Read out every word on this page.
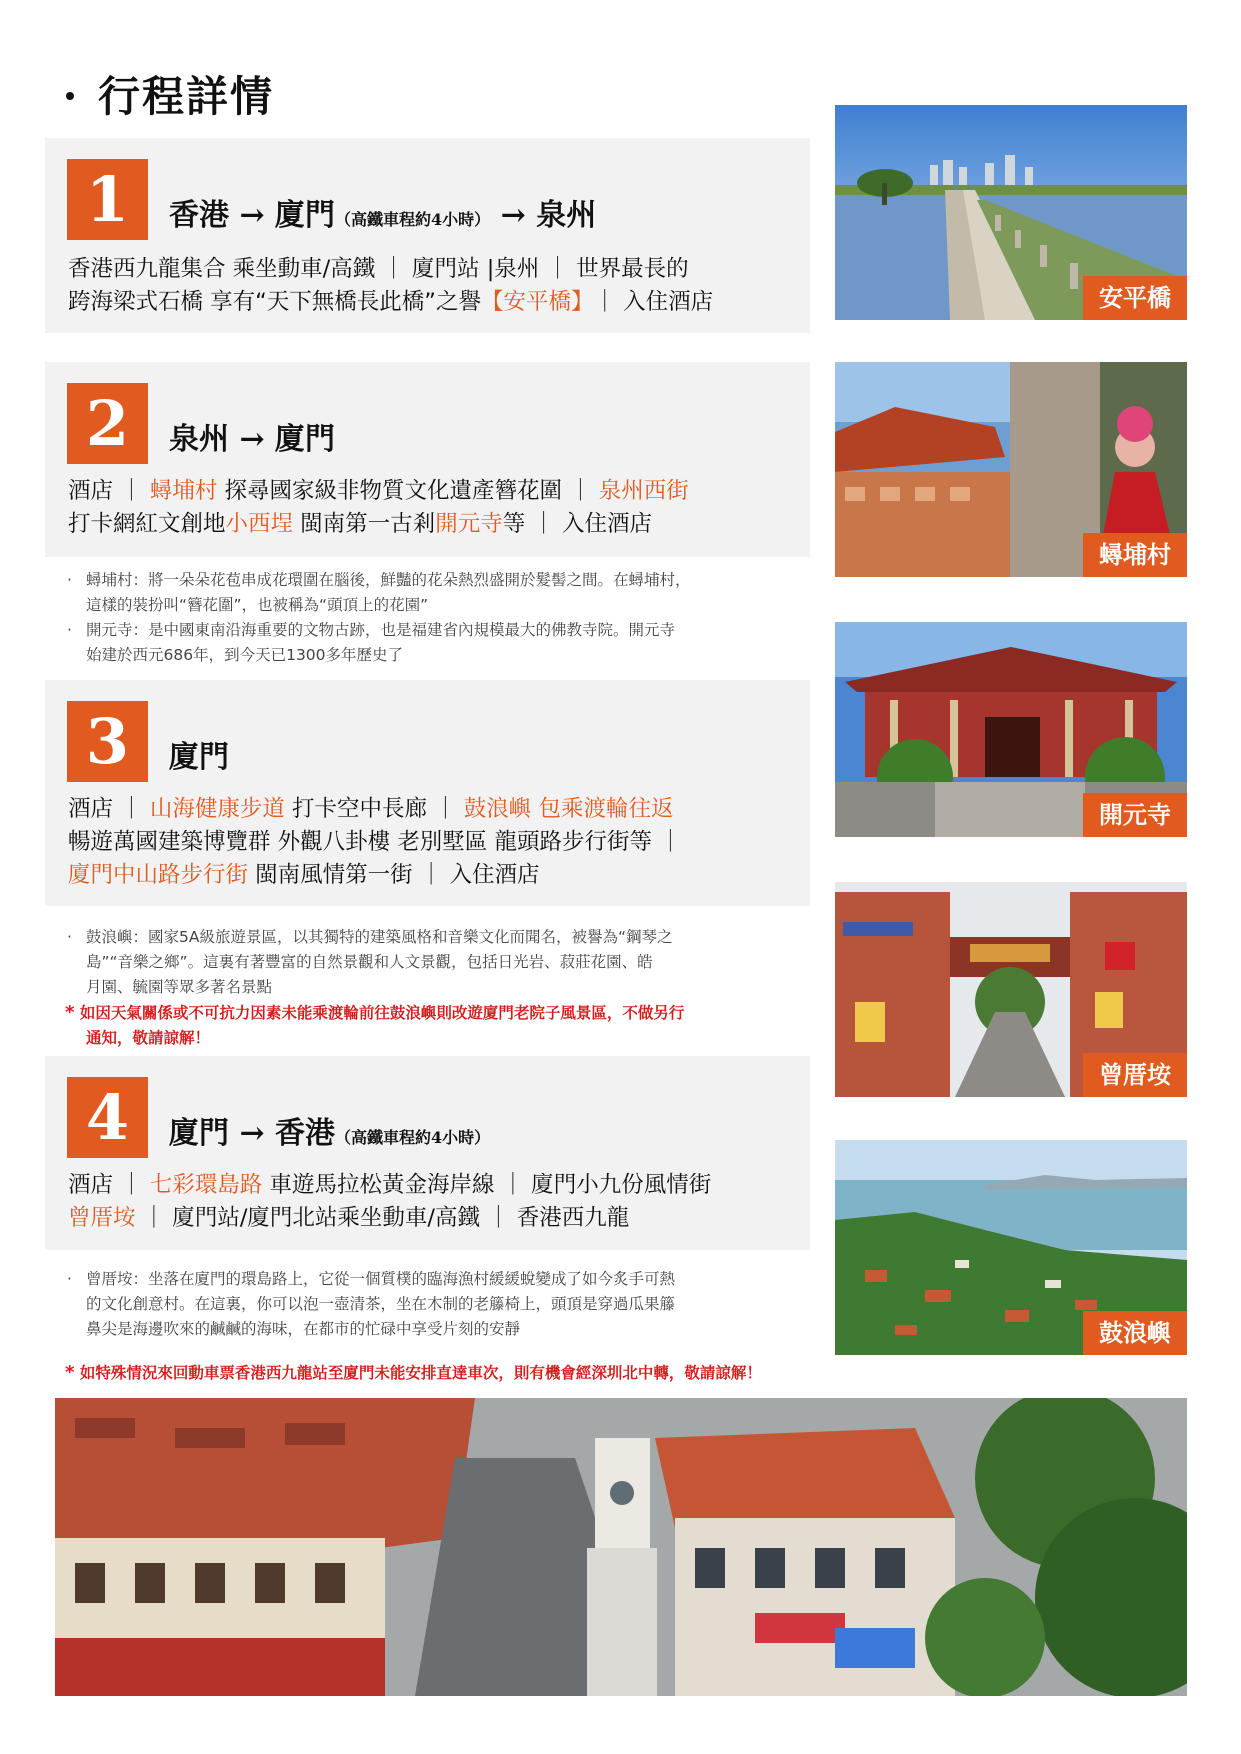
行程詳情
1	香港 → 廈門（高鐵車程約4小時） → 泉州
香港西九龍集合 乘坐動車/高鐵 ｜ 廈門站 |泉州 ｜ 世界最長的
跨海梁式石橋 享有“天下無橋長此橋”之譽【安平橋】｜ 入住酒店
2	泉州 → 廈門
酒店 ｜ 蟳埔村 探尋國家級非物質文化遺產簪花圍 ｜ 泉州西街
打卡網紅文創地小西埕 閩南第一古剎開元寺等 ｜ 入住酒店
· 蟳埔村：將一朵朵花苞串成花環圍在腦後，鮮豔的花朵熱烈盛開於髮髻之間。在蟳埔村，
這樣的裝扮叫“簪花圍”，也被稱為“頭頂上的花園”
· 開元寺：是中國東南沿海重要的文物古跡，也是福建省內規模最大的佛教寺院。開元寺
始建於西元686年，到今天已1300多年歷史了
3	廈門
酒店 ｜ 山海健康步道 打卡空中長廊 ｜ 鼓浪嶼 包乘渡輪往返
暢遊萬國建築博覽群 外觀八卦樓 老別墅區 龍頭路步行街等 ｜
廈門中山路步行街 閩南風情第一街 ｜ 入住酒店
· 鼓浪嶼：國家5A級旅遊景區，以其獨特的建築風格和音樂文化而聞名，被譽為“鋼琴之
島”“音樂之鄉”。這裏有著豐富的自然景觀和人文景觀，包括日光岩、菽莊花園、皓
月園、毓園等眾多著名景點
* 如因天氣關係或不可抗力因素未能乘渡輪前往鼓浪嶼則改遊廈門老院子風景區，不做另行
通知，敬請諒解！
4	廈門 → 香港（高鐵車程約4小時）
酒店 ｜ 七彩環島路 車遊馬拉松黃金海岸線 ｜ 廈門小九份風情街
曾厝垵 ｜ 廈門站/廈門北站乘坐動車/高鐵 ｜ 香港西九龍
· 曾厝垵：坐落在廈門的環島路上，它從一個質樸的臨海漁村緩緩蛻變成了如今炙手可熱
的文化創意村。在這裏，你可以泡一壺清茶，坐在木制的老籐椅上，頭頂是穿過瓜果籐
鼻尖是海邊吹來的鹹鹹的海味，在都市的忙碌中享受片刻的安靜
* 如特殊情況來回動車票香港西九龍站至廈門未能安排直達車次，則有機會經深圳北中轉，敬請諒解！
安平橋
蟳埔村
開元寺
曾厝垵
鼓浪嶼
